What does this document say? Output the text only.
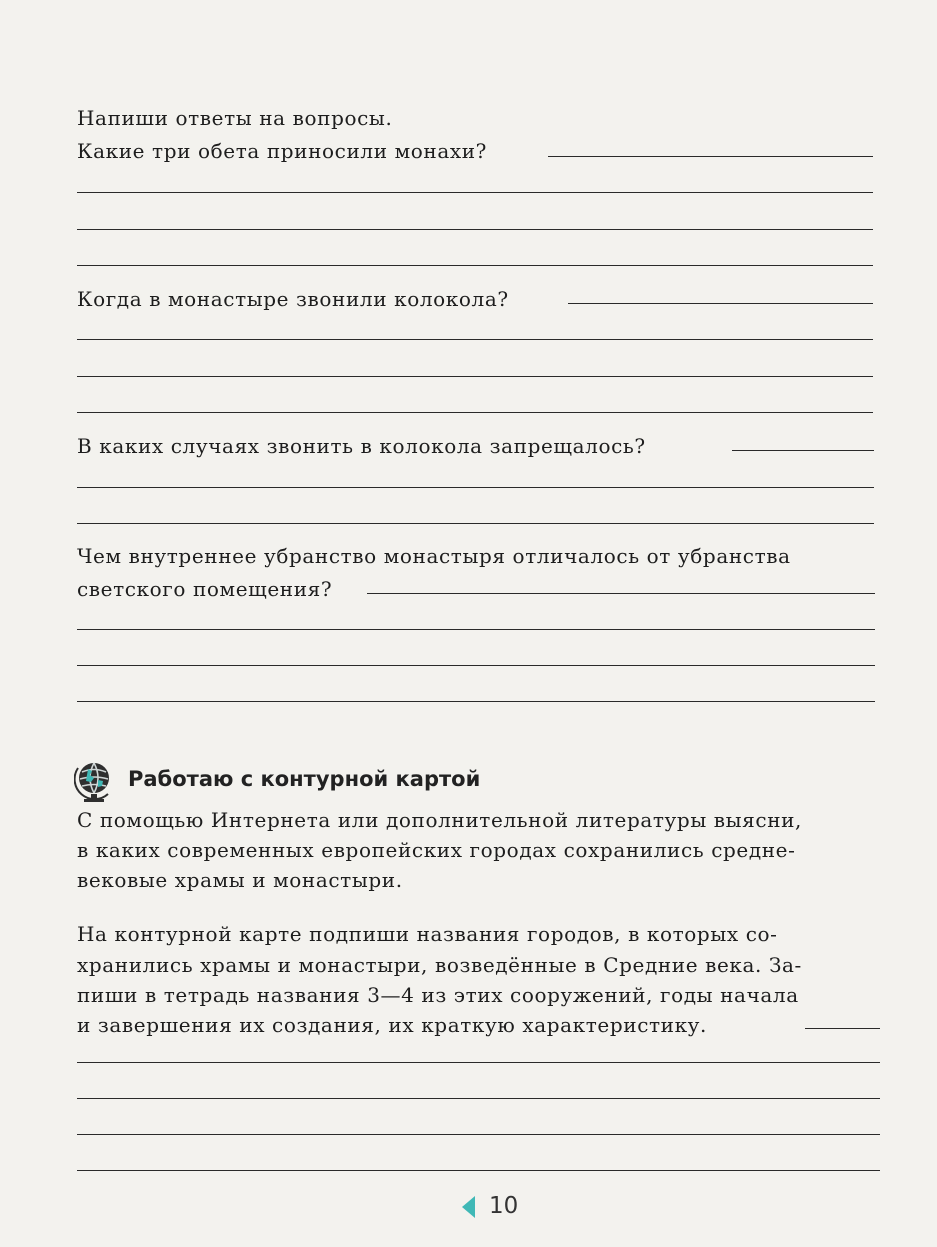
Напиши ответы на вопросы.
Какие три обета приносили монахи?
Когда в монастыре звонили колокола?
В каких случаях звонить в колокола запрещалось?
Чем внутреннее убранство монастыря отличалось от убранства
светского помещения?
Работаю с контурной картой
С помощью Интернета или дополнительной литературы выясни,
в каких современных европейских городах сохранились средне-
вековые храмы и монастыри.
На контурной карте подпиши названия городов, в которых со-
хранились храмы и монастыри, возведённые в Средние века. За-
пиши в тетрадь названия 3—4 из этих сооружений, годы начала
и завершения их создания, их краткую характеристику.
10
